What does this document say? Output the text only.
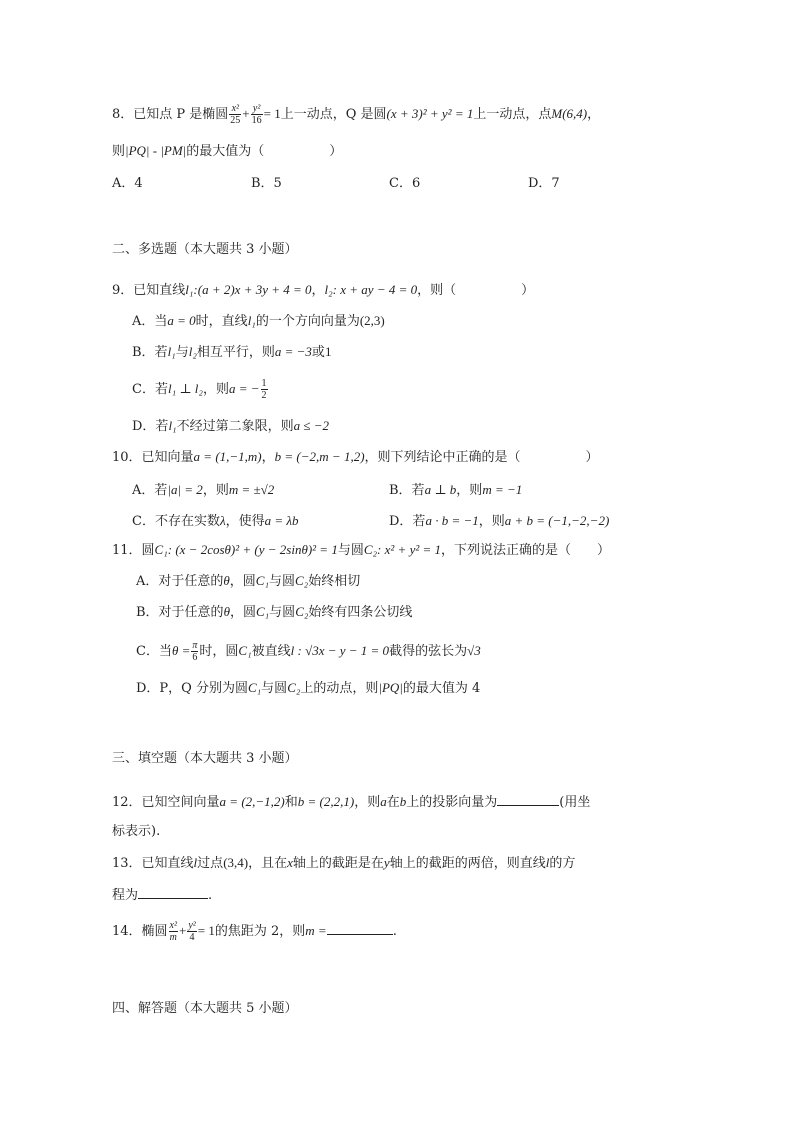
8．已知点 P 是椭圆 $\frac{\text{x²}}{25} + \frac{\text{y²}}{16} = 1$上一动点，Q 是圆(x + 3)² + y² = 1上一动点，点M(6,4)，
则|PQ| - |PM|的最大值为（　　　　　）
A．4	B．5	C．6	D．7
二、多选题（本大题共 3 小题）
9．已知直线l₁:(a + 2)x + 3y + 4 = 0，l₂: x + ay − 4 = 0，则（　　　　　）
A．当a = 0时，直线l₁的一个方向向量为(2,3)
B．若l₁与l₂相互平行，则a = −3或1
C．若l₁ ⊥ l₂，则a = − $\frac{1}{2}$
D．若l₁不经过第二象限，则a ≤ −2
10．已知向量a = (1,−1,m)，b = (−2,m − 1,2)，则下列结论中正确的是（　　　　　）
A．若|a| = 2，则m = ±√2	B．若a ⊥ b，则m = −1
C．不存在实数λ，使得a = λb	D．若a · b = −1，则a + b = (−1,−2,−2)
11．圆C₁: (x − 2cosθ)² + (y − 2sinθ)² = 1与圆C₂: x² + y² = 1，下列说法正确的是（　　）
A．对于任意的θ，圆C₁与圆C₂始终相切
B．对于任意的θ，圆C₁与圆C₂始终有四条公切线
C．当$\theta = \frac{\pi}{6}$ 时，圆C₁被直线l : √3x − y − 1 = 0截得的弦长为√3
D．P，Q 分别为圆C₁与圆C₂上的动点，则|PQ|的最大值为 4
三、填空题（本大题共 3 小题）
12．已知空间向量a = (2,−1,2)和b = (2,2,1)，则a在b上的投影向量为	(用坐
标表示).
13．已知直线l过点(3,4)，且在x轴上的截距是在y轴上的截距的两倍，则直线l的方
程为	.
14．椭圆 $\frac{\text{x²}}{m} + \frac{\text{y²}}{4} = 1$的焦距为 2，则m =	.
四、解答题（本大题共 5 小题）
